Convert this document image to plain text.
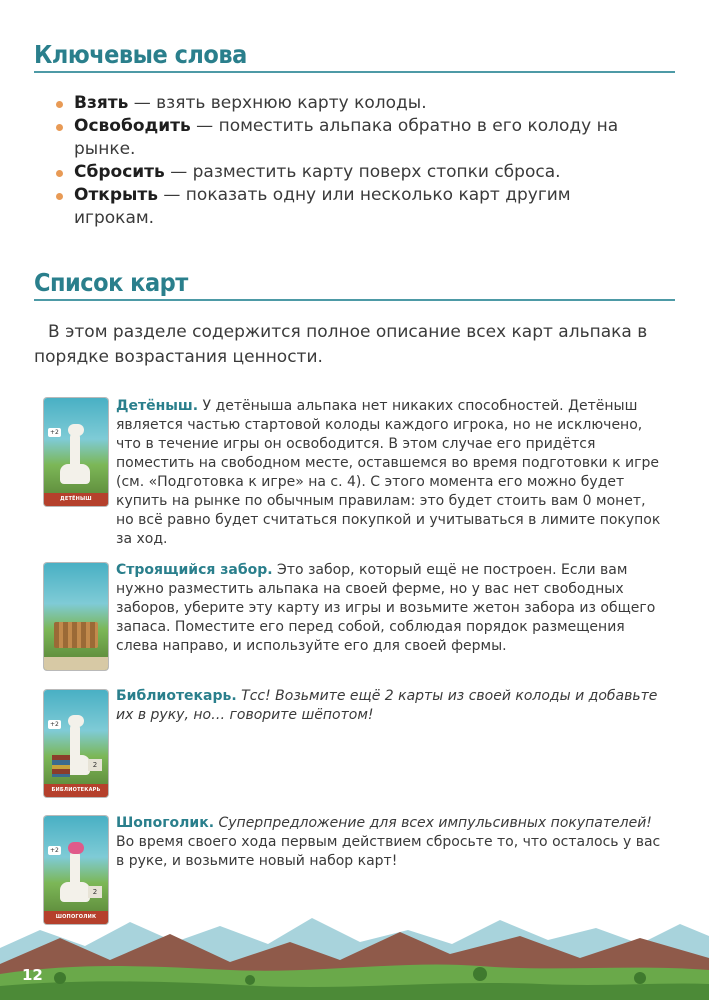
Ключевые слова
Взять — взять верхнюю карту колоды.
Освободить — поместить альпака обратно в его колоду на рынке.
Сбросить — разместить карту поверх стопки сброса.
Открыть — показать одну или несколько карт другим игрокам.
Список карт

В этом разделе содержится полное описание всех карт альпака в порядке возрастания ценности.

+2
ДЕТЁНЫШ

Детёныш. У детёныша альпака нет никаких способностей. Детёныш является частью стартовой колоды каждого игрока, но не исключено, что в течение игры он освободится. В этом случае его придётся поместить на свободном месте, оставшемся во время подготовки к игре (см. «Подготовка к игре» на с. 4). С этого момента его можно будет купить на рынке по обычным правилам: это будет стоить вам 0 монет, но всё равно будет считаться покупкой и учитываться в лимите покупок за ход.

Строящийся забор. Это забор, который ещё не построен. Если вам нужно разместить альпака на своей ферме, но у вас нет свободных заборов, уберите эту карту из игры и возьмите жетон забора из общего запаса. Поместите его перед собой, соблюдая порядок размещения слева направо, и используйте его для своей фермы.

+2
2
БИБЛИОТЕКАРЬ

Библиотекарь. Тсс! Возьмите ещё 2 карты из своей колоды и добавьте их в руку, но… говорите шёпотом!

+2
2
ШОПОГОЛИК

Шопоголик. Суперпредложение для всех импульсивных покупателей! Во время своего хода первым действием сбросьте то, что осталось у вас в руке, и возьмите новый набор карт!

12
